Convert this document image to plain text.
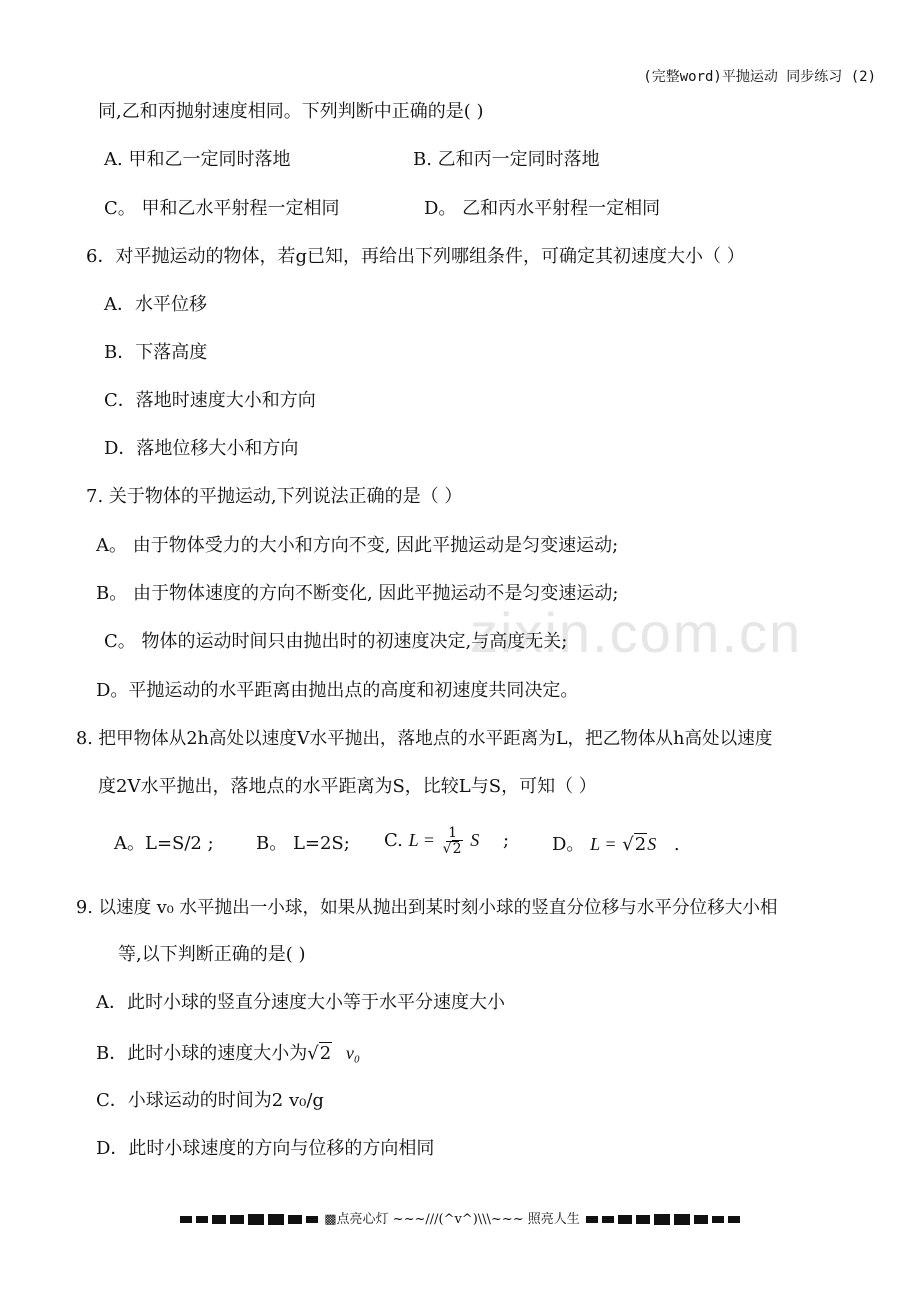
(完整word)平抛运动 同步练习 (2)
zixin.com.cn
同,乙和丙抛射速度相同。下列判断中正确的是( )
A. 甲和乙一定同时落地	B. 乙和丙一定同时落地
C。 甲和乙水平射程一定相同	D。 乙和丙水平射程一定相同
6．对平抛运动的物体，若g已知，再给出下列哪组条件，可确定其初速度大小（ ）
A．水平位移
B．下落高度
C．落地时速度大小和方向
D．落地位移大小和方向
7. 关于物体的平抛运动,下列说法正确的是（ ）
A。 由于物体受力的大小和方向不变, 因此平抛运动是匀变速运动;
B。 由于物体速度的方向不断变化, 因此平抛运动不是匀变速运动;
C。 物体的运动时间只由抛出时的初速度决定,与高度无关;
D。平抛运动的水平距离由抛出点的高度和初速度共同决定。
8. 把甲物体从2h高处以速度V水平抛出，落地点的水平距离为L，把乙物体从h高处以速度
度2V水平抛出，落地点的水平距离为S，比较L与S，可知（ ）
A。L=S/2 ; B。 L=2S; C. $L = \frac{1}{√2}$ S ; D。 L = √2S .
9. 以速度 v₀ 水平抛出一小球，如果从抛出到某时刻小球的竖直分位移与水平分位移大小相
等,以下判断正确的是( )
A．此时小球的竖直分速度大小等于水平分速度大小
B．此时小球的速度大小为√2 v₀
C．小球运动的时间为2 v₀/g
D．此时小球速度的方向与位移的方向相同
▩点亮心灯 ~~~///(^v^)\\\~~~ 照亮人生
